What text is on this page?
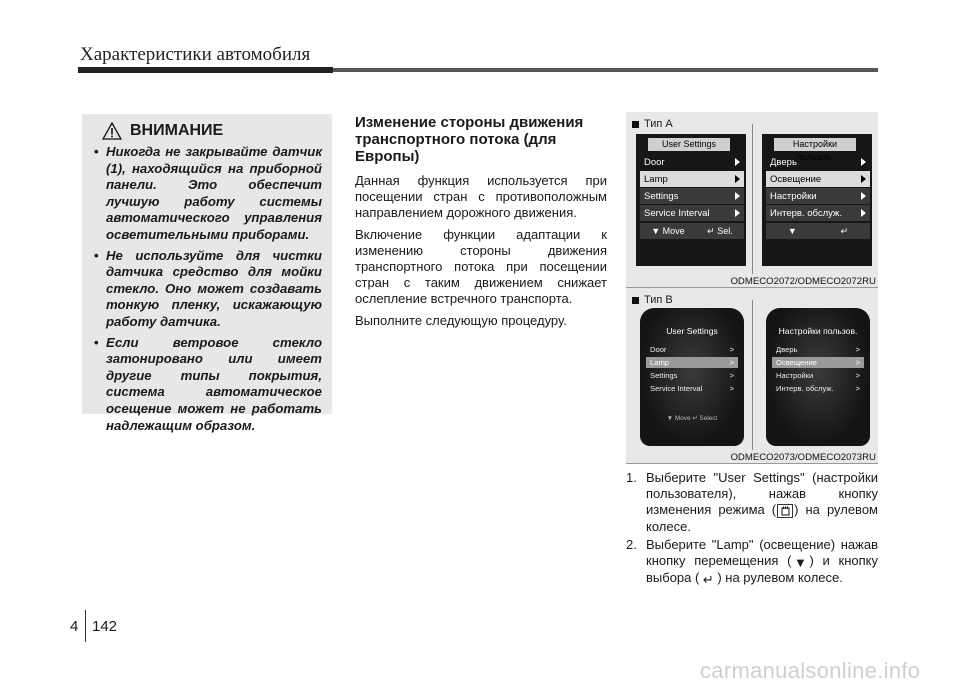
Характеристики автомобиля
ВНИМАНИЕ
• Никогда не закрывайте датчик (1), находящийся на приборной панели. Это обеспечит лучшую работу системы автоматического управления осветительными приборами.
• Не используйте для чистки датчика средство для мойки стекло. Оно может создавать тонкую пленку, искажающую работу датчика.
• Если ветровое стекло затонировано или имеет другие типы покрытия, система автоматическое осещение может не работать надлежащим образом.
Изменение стороны движения транспортного потока (для Европы)

Данная функция используется при посещении стран с противоположным направлением дорожного движения.

Включение функции адаптации к изменению стороны движения транспортного потока при посещении стран с таким движением снижает ослепление встречного транспорта.

Выполните следующую процедуру.

Тип A
User Settings
Door
Lamp
Settings
Service Interval
▼ Move ↵ Sel.
Настройки пользов.
Дверь
Освещение
Настройки
Интерв. обслуж.
▼	↵
ODMECO2072/ODMECO2072RU
Тип B
User Settings
Door	>
Lamp	>
Settings	>
Service Interval	>
▼ Move ↵ Select
Настройки пользов.
Дверь	>
Освещение	>
Настройки	>
Интерв. обслуж.	>
ODMECO2073/ODMECO2073RU
1. Выберите "User Settings" (настройки пользователя), нажав кнопку изменения режима ( ) на рулевом колесе.
2. Выберите "Lamp" (освещение) нажав кнопку перемещения ( ▼ ) и кнопку выбора ( ↵ ) на рулевом колесе.
4 142
carmanualsonline.info
